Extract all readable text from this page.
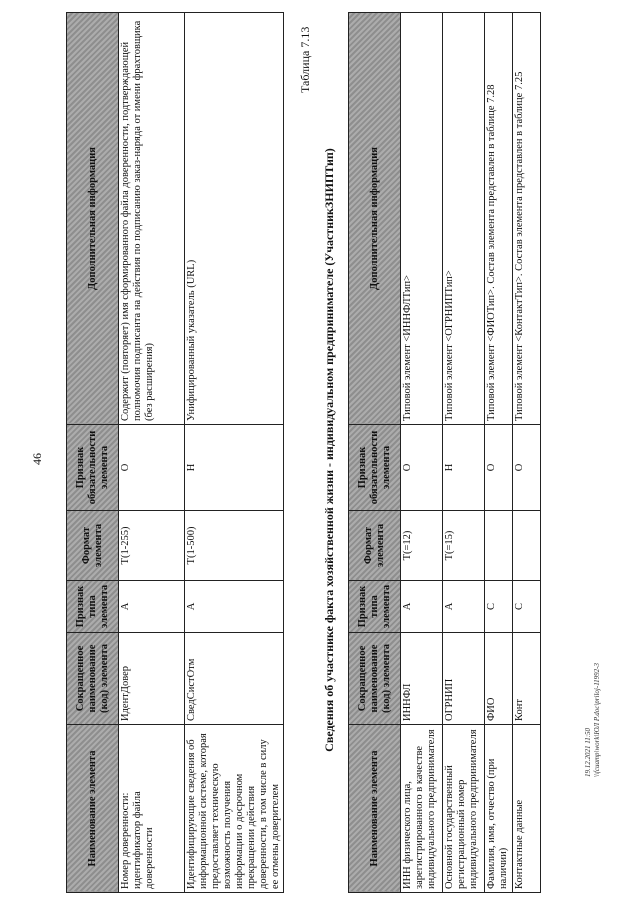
46
Наименование элемента	Сокращенное наименование (код) элемента	Признак типа элемента	Формат элемента	Признак обязательности элемента	Дополнительная информация
Номер доверенности: идентификатор файла доверенности	ИдентДовер	А	T(1-255)	О	Содержит (повторяет) имя сформированного файла доверенности, подтверждающей полномочия подписанта на действия по подписанию заказ-наряда от имени фрахтовщика (без расширения)
Идентифицирующие сведения об информационной системе, которая предоставляет техническую возможность получения информации о досрочном прекращении действия доверенности, в том числе в силу ее отмены доверителем	СведСистОтм	А	T(1-500)	Н	Унифицированный указатель (URL)
Таблица 7.13
Сведения об участнике факта хозяйственной жизни - индивидуальном предпринимателе (УчастникЗНИПТип)
Наименование элемента	Сокращенное наименование (код) элемента	Признак типа элемента	Формат элемента	Признак обязательности элемента	Дополнительная информация
ИНН физического лица, зарегистрированного в качестве индивидуального предпринимателя	ИННФЛ	А	T(=12)	О	Типовой элемент <ИННФЛТип>
Основной государственный регистрационный номер индивидуального предпринимателя	ОГРНИП	А	T(=15)	Н	Типовой элемент <ОГРНИПТип>
Фамилия, имя, отчество (при наличии)	ФИО	С		О	Типовой элемент <ФИОТип>. Состав элемента представлен в таблице 7.28
Контактные данные	Конт	С		О	Типовой элемент <КонтактТип>. Состав элемента представлен в таблице 7.25
19.12.2021 11:50 \\fcuamp\work\ЮЛ Р.doc\priloj-11992-3
